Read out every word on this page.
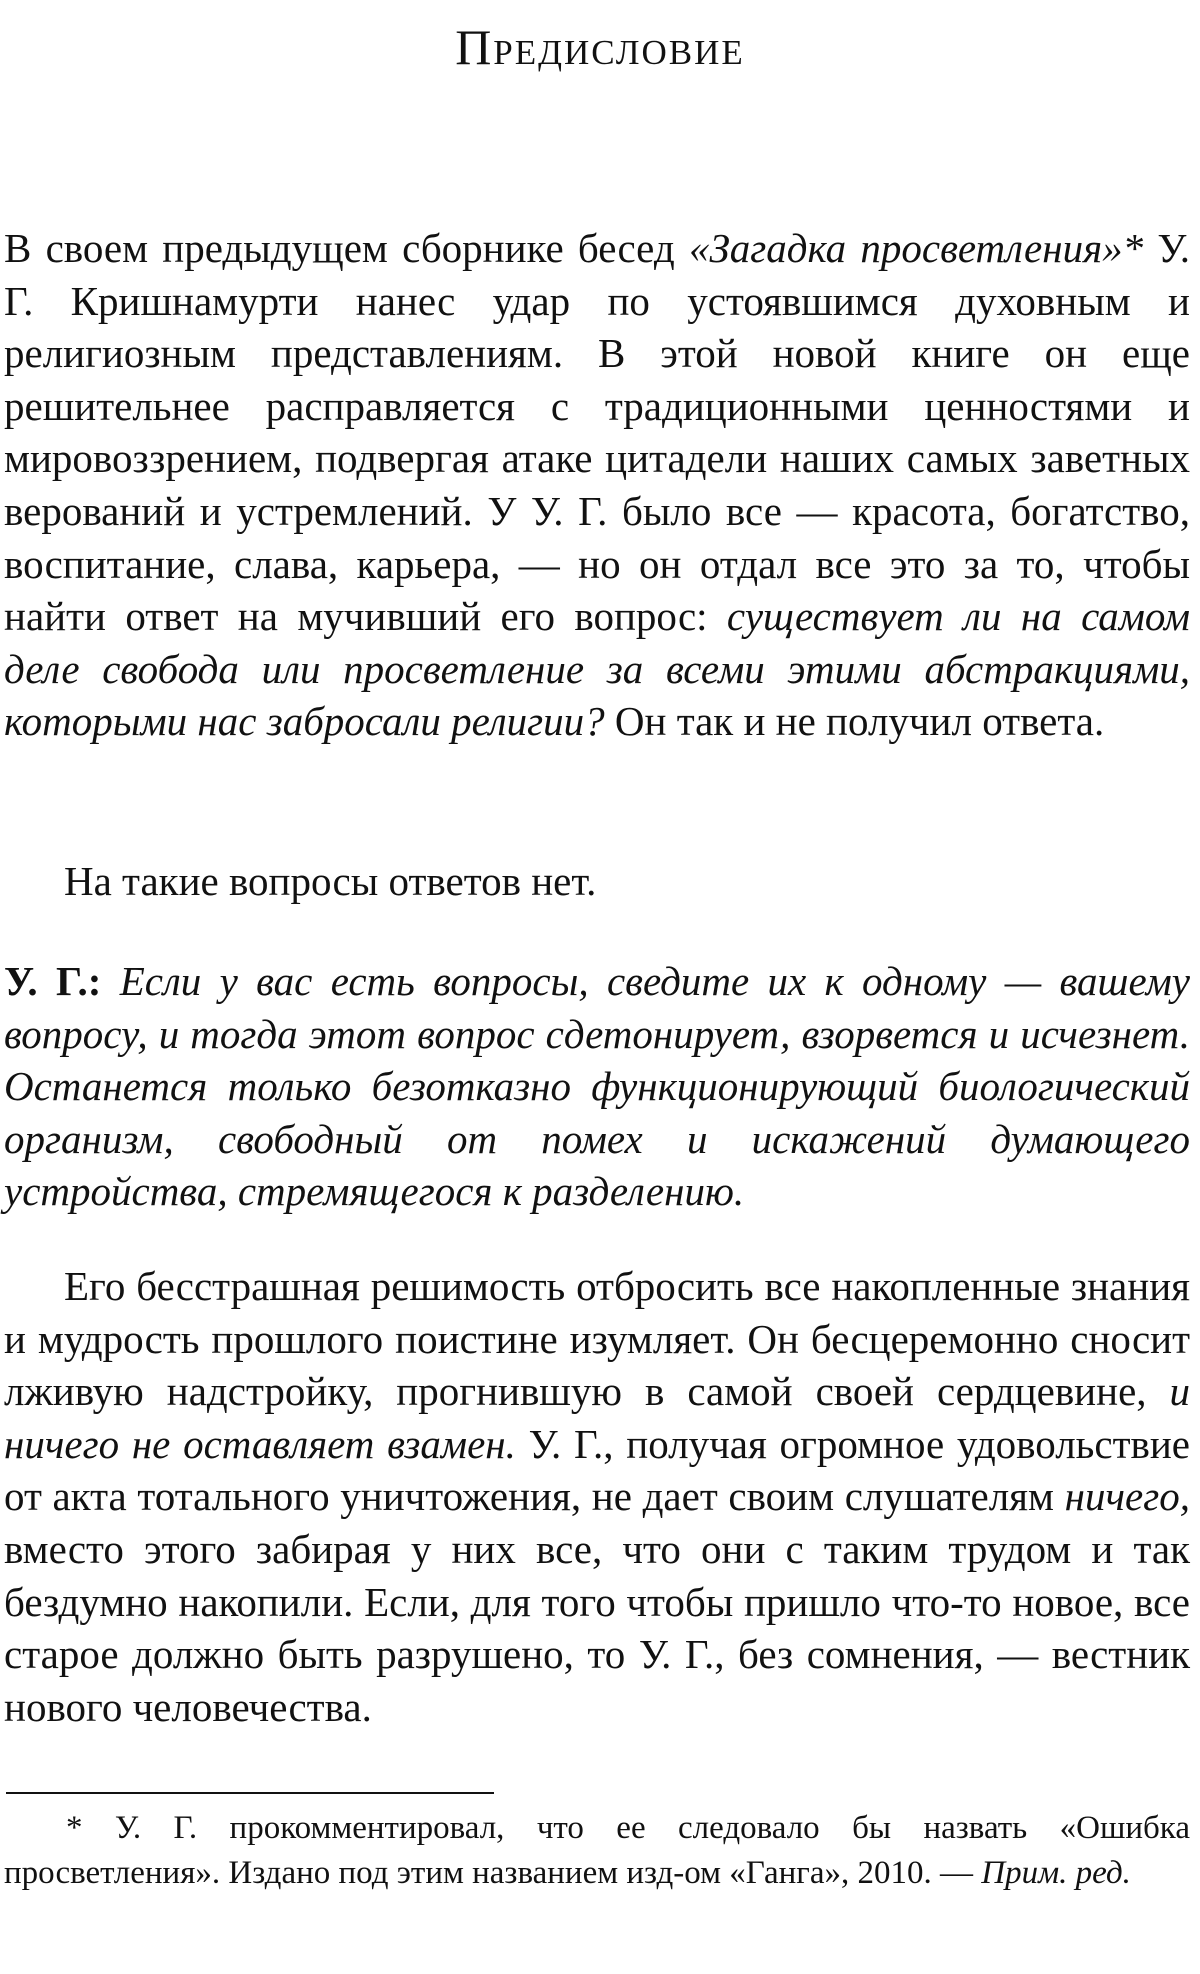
Предисловие
В своем предыдущем сборнике бесед «Загадка просветления»* У. Г. Кришнамурти нанес удар по устоявшимся духовным и религиозным представлениям. В этой новой книге он еще решительнее расправляется с традиционными ценностями и мировоззрением, подвергая атаке цитадели наших самых заветных верований и устремлений. У У. Г. было все — красота, богатство, воспитание, слава, карьера, — но он отдал все это за то, чтобы найти ответ на мучивший его вопрос: существует ли на самом деле свобода или просветление за всеми этими абстракциями, которыми нас забросали религии? Он так и не получил ответа.
На такие вопросы ответов нет.
У. Г.: Если у вас есть вопросы, сведите их к одному — вашему вопросу, и тогда этот вопрос сдетонирует, взорвется и исчезнет. Останется только безотказно функционирующий биологический организм, свободный от помех и искажений думающего устройства, стремящегося к разделению.
Его бесстрашная решимость отбросить все накопленные знания и мудрость прошлого поистине изумляет. Он бесцеремонно сносит лживую надстройку, прогнившую в самой своей сердцевине, и ничего не оставляет взамен. У. Г., получая огромное удовольствие от акта тотального уничтожения, не дает своим слушателям ничего, вместо этого забирая у них все, что они с таким трудом и так бездумно накопили. Если, для того чтобы пришло что-то новое, все старое должно быть разрушено, то У. Г., без сомнения, — вестник нового человечества.
* У. Г. прокомментировал, что ее следовало бы назвать «Ошибка просветления». Издано под этим названием изд-ом «Ганга», 2010. — Прим. ред.
